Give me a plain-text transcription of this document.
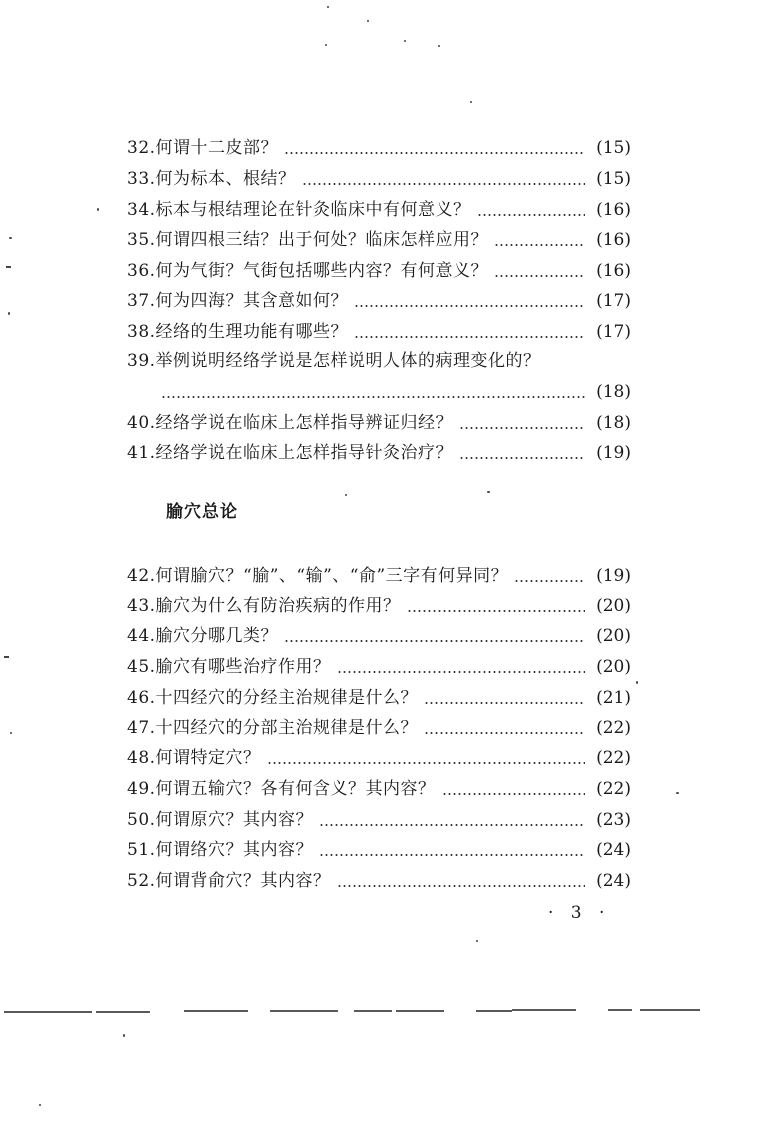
32.何谓十二皮部？	(15)
33.何为标本、根结？	(15)
34.标本与根结理论在针灸临床中有何意义？	(16)
35.何谓四根三结？出于何处？临床怎样应用？	(16)
36.何为气街？气街包括哪些内容？有何意义？	(16)
37.何为四海？其含意如何？	(17)
38.经络的生理功能有哪些？	(17)
39.举例说明经络学说是怎样说明人体的病理变化的？
(18)
40.经络学说在临床上怎样指导辨证归经？	(18)
41.经络学说在临床上怎样指导针灸治疗？	(19)
腧穴总论
42.何谓腧穴？“腧”、“输”、“俞”三字有何异同？	(19)
43.腧穴为什么有防治疾病的作用？	(20)
44.腧穴分哪几类？	(20)
45.腧穴有哪些治疗作用？	(20)
46.十四经穴的分经主治规律是什么？	(21)
47.十四经穴的分部主治规律是什么？	(22)
48.何谓特定穴？	(22)
49.何谓五输穴？各有何含义？其内容？	(22)
50.何谓原穴？其内容？	(23)
51.何谓络穴？其内容？	(24)
52.何谓背俞穴？其内容？	(24)
· 3 ·
